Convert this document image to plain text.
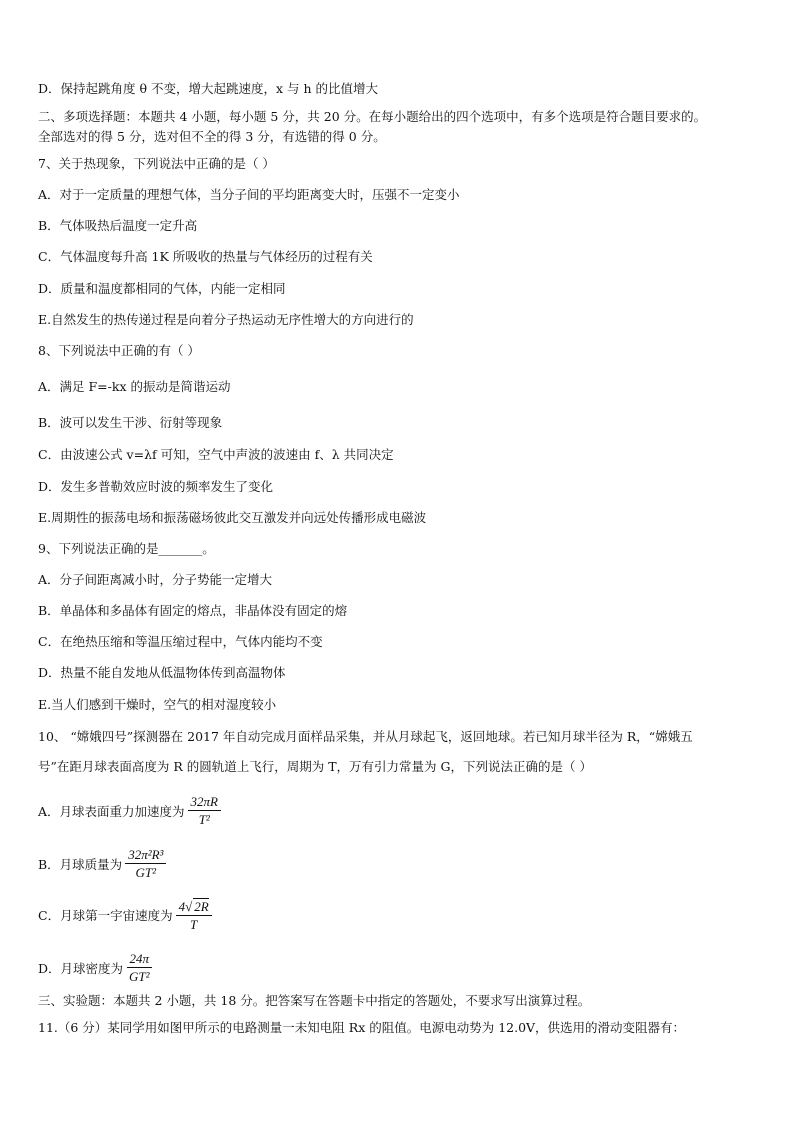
D．保持起跳角度 θ 不变，增大起跳速度，x 与 h 的比值增大
二、多项选择题：本题共 4 小题，每小题 5 分，共 20 分。在每小题给出的四个选项中，有多个选项是符合题目要求的。
全部选对的得 5 分，选对但不全的得 3 分，有选错的得 0 分。
7、关于热现象，下列说法中正确的是（ ）
A．对于一定质量的理想气体，当分子间的平均距离变大时，压强不一定变小
B．气体吸热后温度一定升高
C．气体温度每升高 1K 所吸收的热量与气体经历的过程有关
D．质量和温度都相同的气体，内能一定相同
E.自然发生的热传递过程是向着分子热运动无序性增大的方向进行的
8、下列说法中正确的有（ ）
A．满足 F=-kx 的振动是简谐运动
B．波可以发生干涉、衍射等现象
C．由波速公式 v=λf 可知，空气中声波的波速由 f、λ 共同决定
D．发生多普勒效应时波的频率发生了变化
E.周期性的振荡电场和振荡磁场彼此交互激发并向远处传播形成电磁波
9、下列说法正确的是_______。
A．分子间距离减小时，分子势能一定增大
B．单晶体和多晶体有固定的熔点，非晶体没有固定的熔
C．在绝热压缩和等温压缩过程中，气体内能均不变
D．热量不能自发地从低温物体传到高温物体
E.当人们感到干燥时，空气的相对湿度较小
10、 “嫦娥四号”探测器在 2017 年自动完成月面样品采集，并从月球起飞，返回地球。若已知月球半径为 R，“嫦娥五
号”在距月球表面高度为 R 的圆轨道上飞行，周期为 T，万有引力常量为 G，下列说法正确的是（ ）
A．月球表面重力加速度为 $\frac{32\pi R}{\text{T²}}$
B．月球质量为 $\frac{\text{32π²R³}}{\text{GT²}}$
C．月球第一宇宙速度为 $\frac{4√ 2R}{T}$
D．月球密度为 $\frac{24\pi}{\text{GT²}}$
三、实验题：本题共 2 小题，共 18 分。把答案写在答题卡中指定的答题处，不要求写出演算过程。
11.（6 分）某同学用如图甲所示的电路测量一未知电阻 Rx 的阻值。电源电动势为 12.0V，供选用的滑动变阻器有：
